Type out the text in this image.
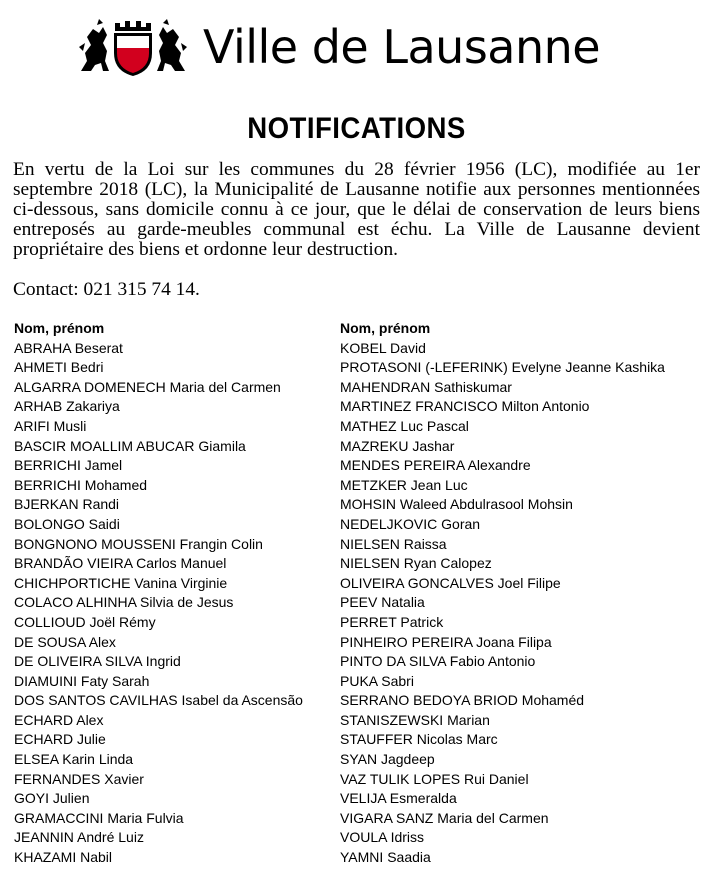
Ville de Lausanne
NOTIFICATIONS

En vertu de la Loi sur les communes du 28 février 1956 (LC), modifiée au 1er septembre 2018 (LC), la Municipalité de Lausanne notifie aux personnes mentionnées ci-dessous, sans domicile connu à ce jour, que le délai de conservation de leurs biens entreposés au garde-meubles communal est échu. La Ville de Lausanne devient propriétaire des biens et ordonne leur destruction.

Contact: 021 315 74 14.

Nom, prénom
ABRAHA Beserat
AHMETI Bedri
ALGARRA DOMENECH Maria del Carmen
ARHAB Zakariya
ARIFI Musli
BASCIR MOALLIM ABUCAR Giamila
BERRICHI Jamel
BERRICHI Mohamed
BJERKAN Randi
BOLONGO Saidi
BONGNONO MOUSSENI Frangin Colin
BRANDÃO VIEIRA Carlos Manuel
CHICHPORTICHE Vanina Virginie
COLACO ALHINHA Silvia de Jesus
COLLIOUD Joël Rémy
DE SOUSA Alex
DE OLIVEIRA SILVA Ingrid
DIAMUINI Faty Sarah
DOS SANTOS CAVILHAS Isabel da Ascensão
ECHARD Alex
ECHARD Julie
ELSEA Karin Linda
FERNANDES Xavier
GOYI Julien
GRAMACCINI Maria Fulvia
JEANNIN André Luiz
KHAZAMI Nabil
Nom, prénom
KOBEL David
PROTASONI (-LEFERINK) Evelyne Jeanne Kashika
MAHENDRAN Sathiskumar
MARTINEZ FRANCISCO Milton Antonio
MATHEZ Luc Pascal
MAZREKU Jashar
MENDES PEREIRA Alexandre
METZKER Jean Luc
MOHSIN Waleed Abdulrasool Mohsin
NEDELJKOVIC Goran
NIELSEN Raissa
NIELSEN Ryan Calopez
OLIVEIRA GONCALVES Joel Filipe
PEEV Natalia
PERRET Patrick
PINHEIRO PEREIRA Joana Filipa
PINTO DA SILVA Fabio Antonio
PUKA Sabri
SERRANO BEDOYA BRIOD Mohaméd
STANISZEWSKI Marian
STAUFFER Nicolas Marc
SYAN Jagdeep
VAZ TULIK LOPES Rui Daniel
VELIJA Esmeralda
VIGARA SANZ Maria del Carmen
VOULA Idriss
YAMNI Saadia
